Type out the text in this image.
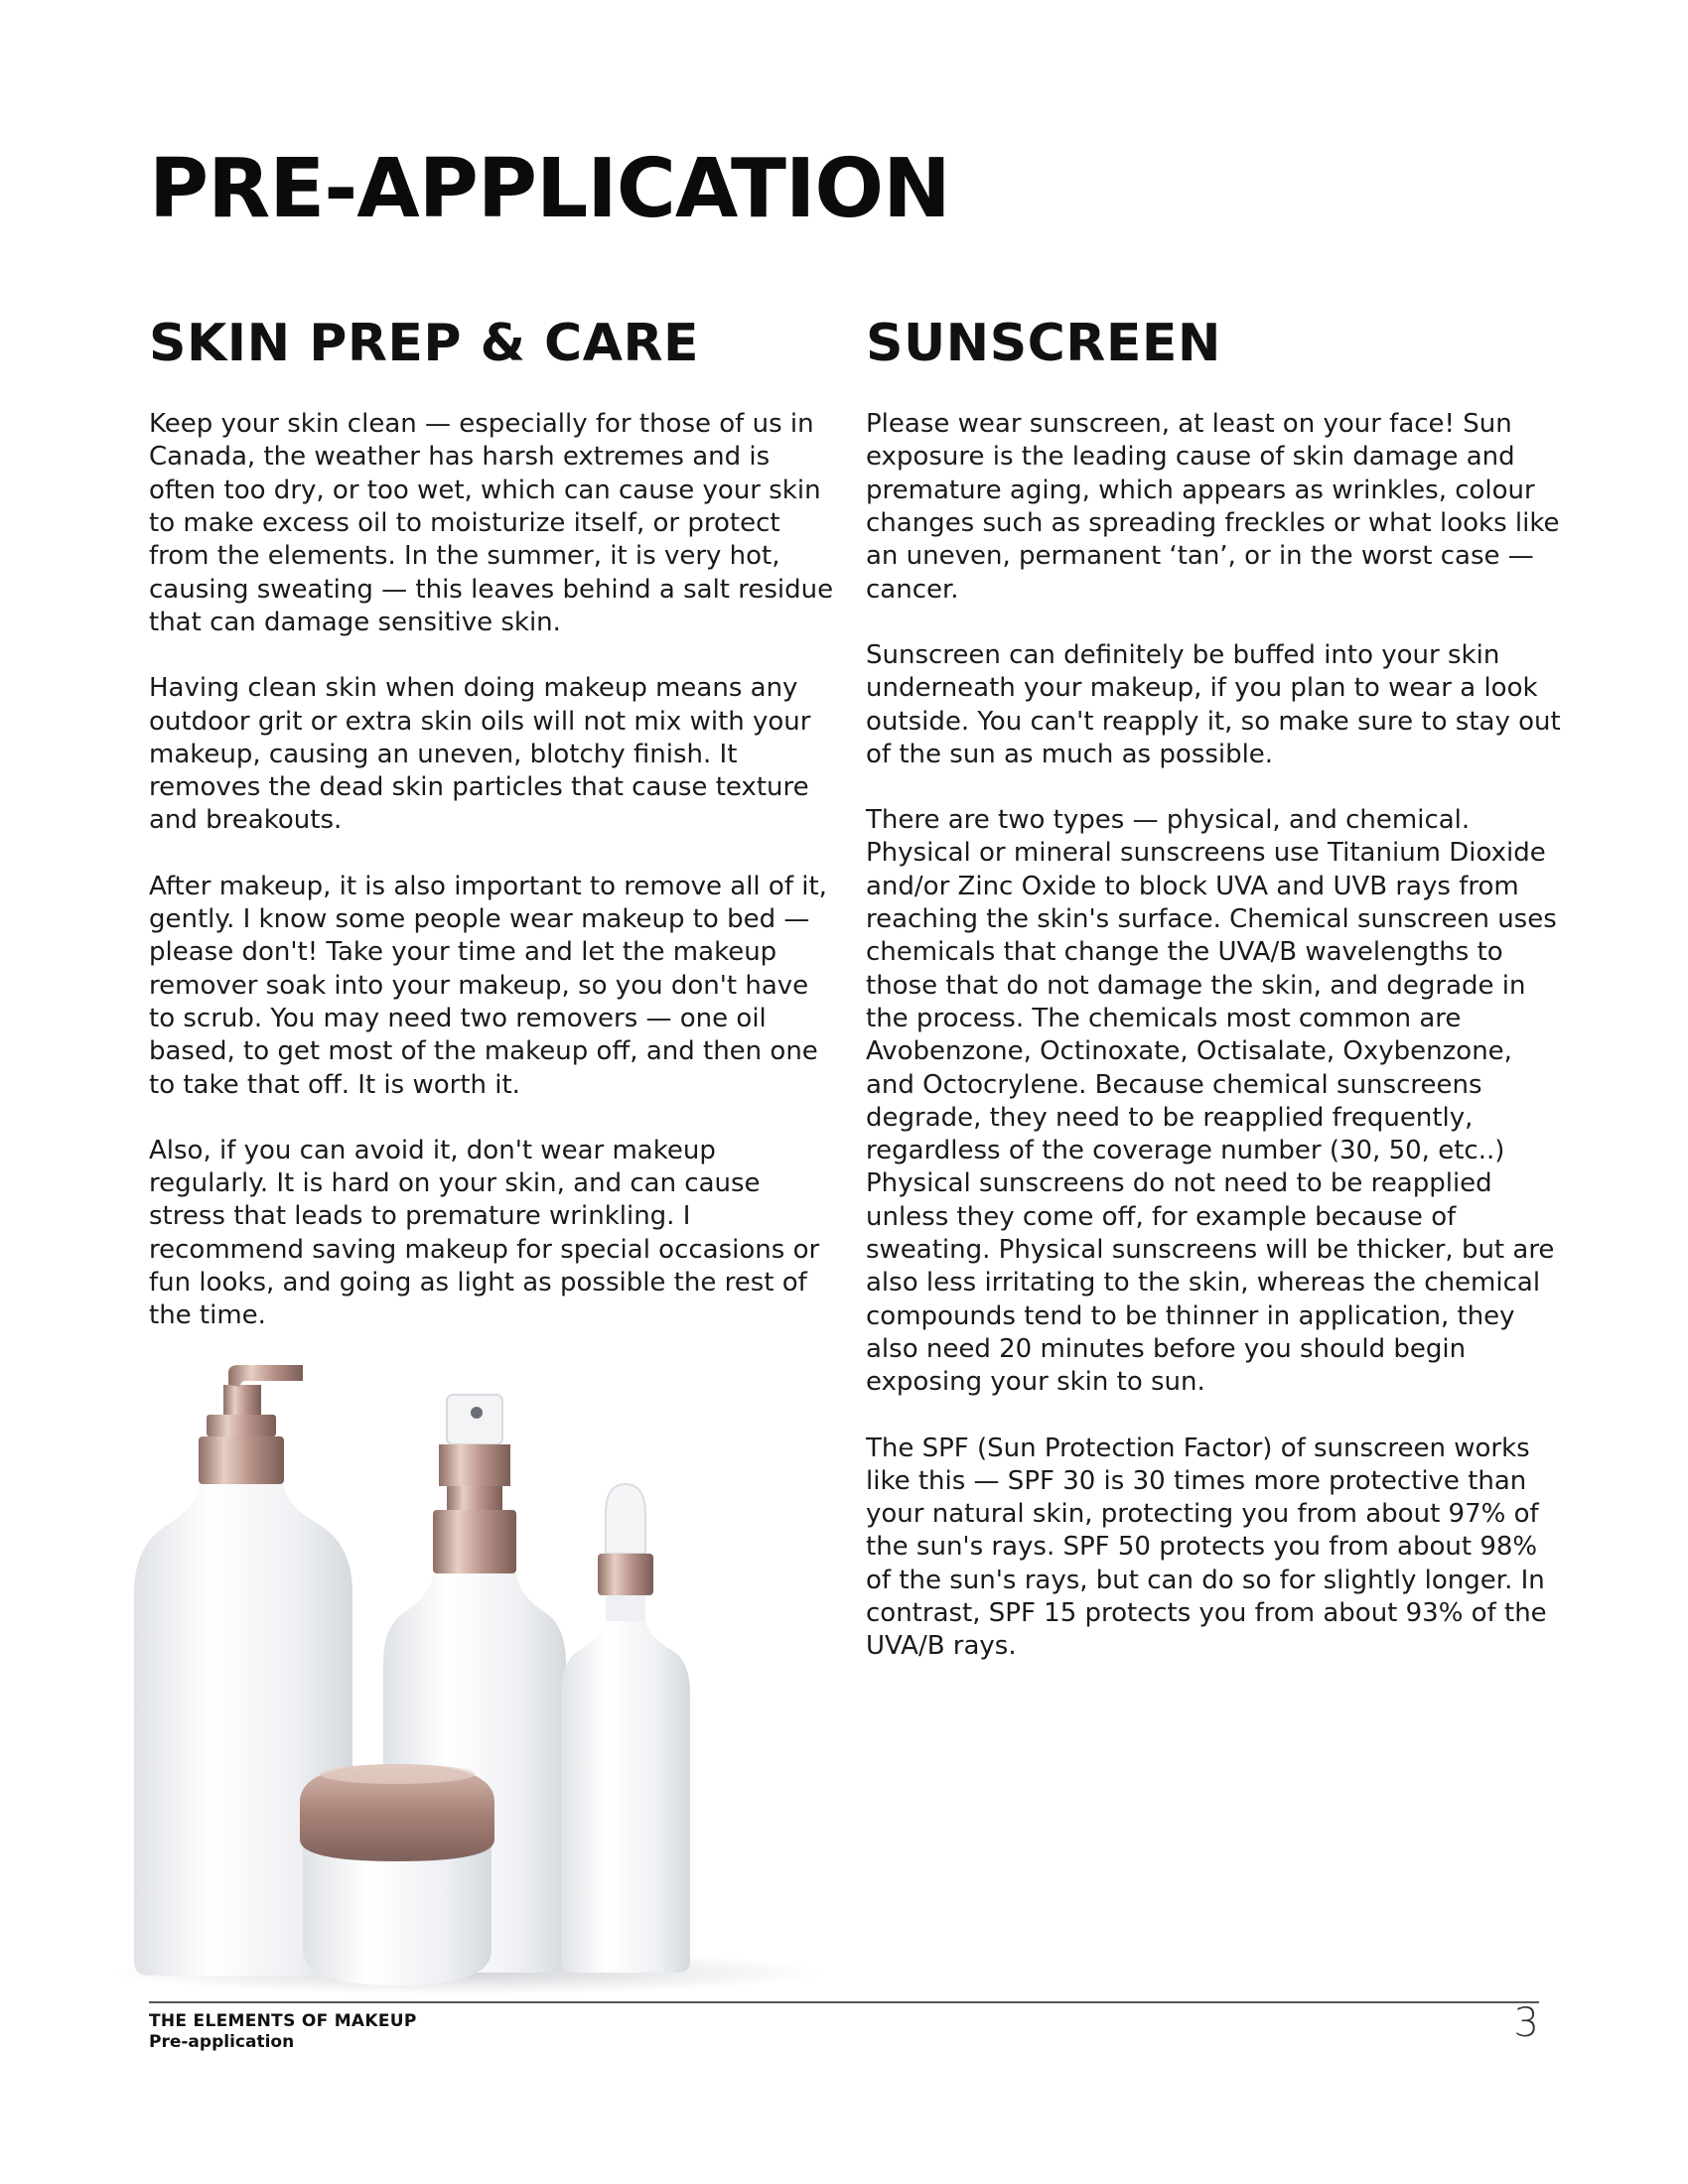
PRE-APPLICATION
SKIN PREP & CARE

Keep your skin clean — especially for those of us in Canada, the weather has harsh extremes and is often too dry, or too wet, which can cause your skin to make excess oil to moisturize itself, or protect from the elements. In the summer, it is very hot, causing sweating — this leaves behind a salt residue that can damage sensitive skin.

Having clean skin when doing makeup means any outdoor grit or extra skin oils will not mix with your makeup, causing an uneven, blotchy finish. It removes the dead skin particles that cause texture and breakouts.

After makeup, it is also important to remove all of it, gently. I know some people wear makeup to bed — please don't! Take your time and let the makeup remover soak into your makeup, so you don't have to scrub. You may need two removers — one oil based, to get most of the makeup off, and then one to take that off. It is worth it.

Also, if you can avoid it, don't wear makeup regularly. It is hard on your skin, and can cause stress that leads to premature wrinkling. I recommend saving makeup for special occasions or fun looks, and going as light as possible the rest of the time.

SUNSCREEN

Please wear sunscreen, at least on your face! Sun exposure is the leading cause of skin damage and premature aging, which appears as wrinkles, colour changes such as spreading freckles or what looks like an uneven, permanent ‘tan’, or in the worst case — cancer.

Sunscreen can definitely be buffed into your skin underneath your makeup, if you plan to wear a look outside. You can't reapply it, so make sure to stay out of the sun as much as possible.

There are two types — physical, and chemical. Physical or mineral sunscreens use Titanium Dioxide and/or Zinc Oxide to block UVA and UVB rays from reaching the skin's surface. Chemical sunscreen uses chemicals that change the UVA/B wavelengths to those that do not damage the skin, and degrade in the process. The chemicals most common are Avobenzone, Octinoxate, Octisalate, Oxybenzone, and Octocrylene. Because chemical sunscreens degrade, they need to be reapplied frequently, regardless of the coverage number (30, 50, etc..) Physical sunscreens do not need to be reapplied unless they come off, for example because of sweating. Physical sunscreens will be thicker, but are also less irritating to the skin, whereas the chemical compounds tend to be thinner in application, they also need 20 minutes before you should begin exposing your skin to sun.

The SPF (Sun Protection Factor) of sunscreen works like this — SPF 30 is 30 times more protective than your natural skin, protecting you from about 97% of the sun's rays. SPF 50 protects you from about 98% of the sun's rays, but can do so for slightly longer. In contrast, SPF 15 protects you from about 93% of the UVA/B rays.

THE ELEMENTS OF MAKEUP
Pre-application	3
